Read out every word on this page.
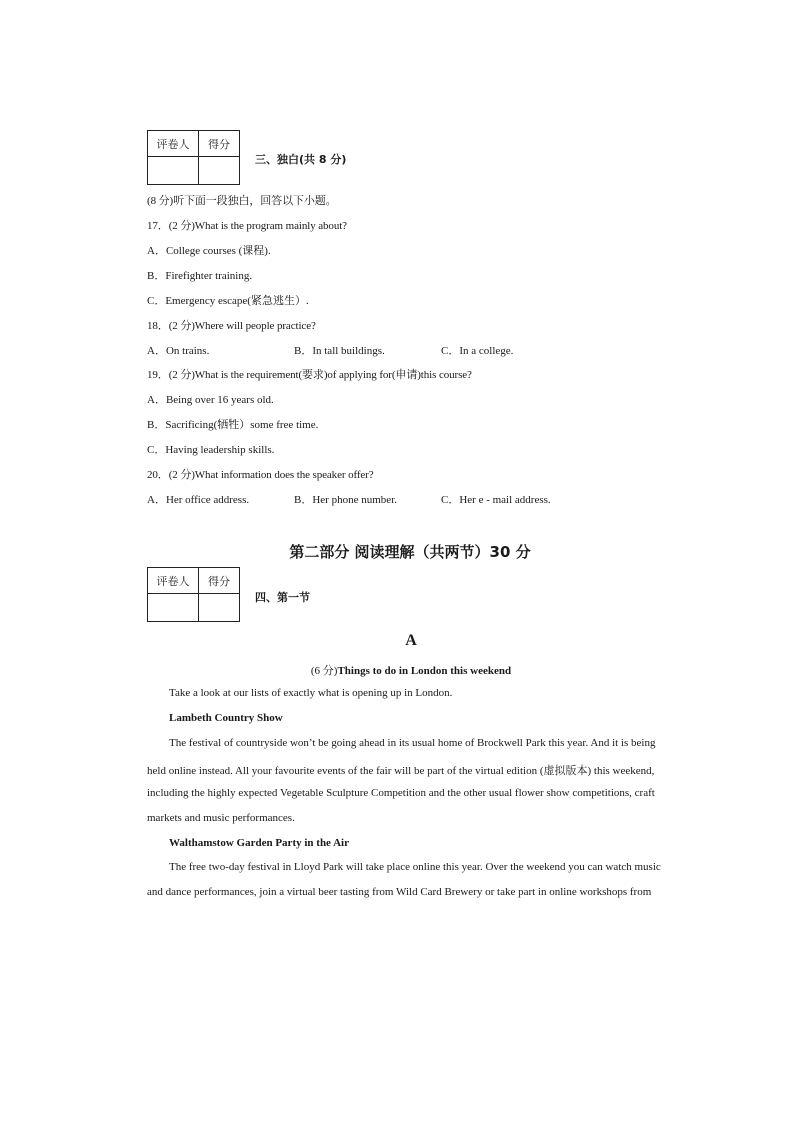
评卷人	得分

三、独白(共 8 分)
(8 分)听下面一段独白，回答以下小题。
17．(2 分)What is the program mainly about?
A．College courses (课程).
B．Firefighter training.
C．Emergency escape(紧急逃生）.
18．(2 分)Where will people practice?
A．On trains.	B．In tall buildings.	C．In a college.
19．(2 分)What is the requirement(要求)of applying for(申请)this course?
A．Being over 16 years old.
B．Sacrificing(牺牲）some free time.
C．Having leadership skills.
20．(2 分)What information does the speaker offer?
A．Her office address.	B．Her phone number.	C．Her e - mail address.
第二部分 阅读理解（共两节）30 分
评卷人	得分

四、第一节
A
(6 分)Things to do in London this weekend
Take a look at our lists of exactly what is opening up in London.
Lambeth Country Show
The festival of countryside won’t be going ahead in its usual home of Brockwell Park this year. And it is being
held online instead. All your favourite events of the fair will be part of the virtual edition (虚拟版本) this weekend,
including the highly expected Vegetable Sculpture Competition and the other usual flower show competitions, craft
markets and music performances.
Walthamstow Garden Party in the Air
The free two-day festival in Lloyd Park will take place online this year. Over the weekend you can watch music
and dance performances, join a virtual beer tasting from Wild Card Brewery or take part in online workshops from
